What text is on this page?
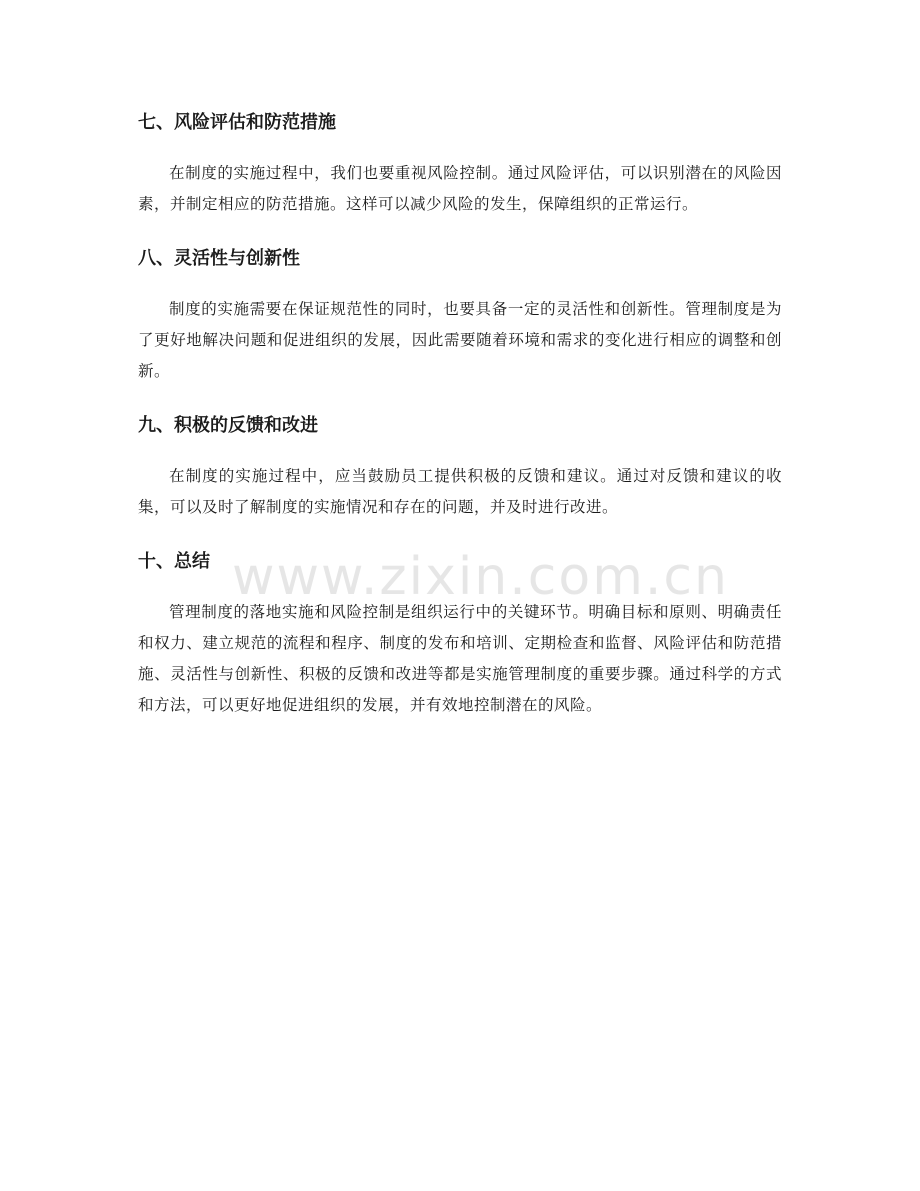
七、风险评估和防范措施

在制度的实施过程中，我们也要重视风险控制。通过风险评估，可以识别潜在的风险因素，并制定相应的防范措施。这样可以减少风险的发生，保障组织的正常运行。

八、灵活性与创新性

制度的实施需要在保证规范性的同时，也要具备一定的灵活性和创新性。管理制度是为了更好地解决问题和促进组织的发展，因此需要随着环境和需求的变化进行相应的调整和创新。

九、积极的反馈和改进

在制度的实施过程中，应当鼓励员工提供积极的反馈和建议。通过对反馈和建议的收集，可以及时了解制度的实施情况和存在的问题，并及时进行改进。

十、总结

管理制度的落地实施和风险控制是组织运行中的关键环节。明确目标和原则、明确责任和权力、建立规范的流程和程序、制度的发布和培训、定期检查和监督、风险评估和防范措施、灵活性与创新性、积极的反馈和改进等都是实施管理制度的重要步骤。通过科学的方式和方法，可以更好地促进组织的发展，并有效地控制潜在的风险。

www.zixin.com.cn
